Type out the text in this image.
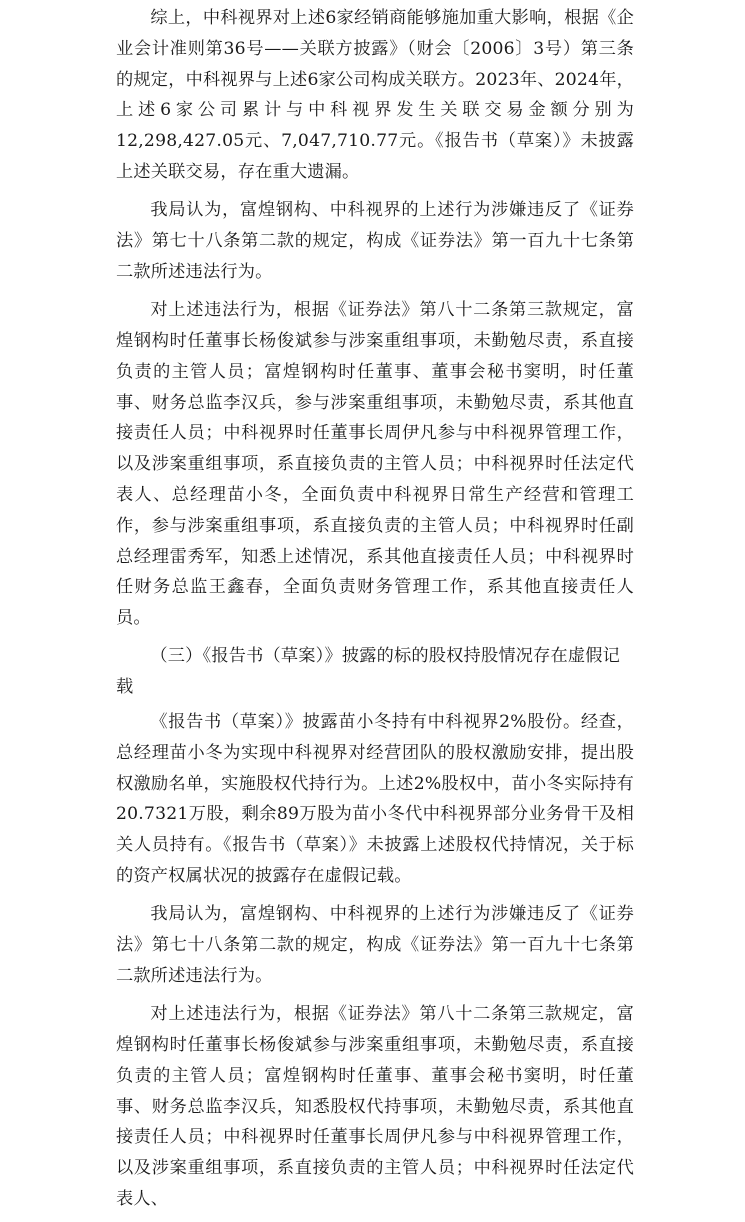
综上，中科视界对上述6家经销商能够施加重大影响，根据《企业会计准则第36号——关联方披露》（财会〔2006〕3号）第三条的规定，中科视界与上述6家公司构成关联方。2023年、2024年，上述6家公司累计与中科视界发生关联交易金额分别为12,298,427.05元、7,047,710.77元。《报告书（草案）》未披露上述关联交易，存在重大遗漏。

我局认为，富煌钢构、中科视界的上述行为涉嫌违反了《证券法》第七十八条第二款的规定，构成《证券法》第一百九十七条第二款所述违法行为。

对上述违法行为，根据《证券法》第八十二条第三款规定，富煌钢构时任董事长杨俊斌参与涉案重组事项，未勤勉尽责，系直接负责的主管人员；富煌钢构时任董事、董事会秘书窦明，时任董事、财务总监李汉兵，参与涉案重组事项，未勤勉尽责，系其他直接责任人员；中科视界时任董事长周伊凡参与中科视界管理工作，以及涉案重组事项，系直接负责的主管人员；中科视界时任法定代表人、总经理苗小冬，全面负责中科视界日常生产经营和管理工作，参与涉案重组事项，系直接负责的主管人员；中科视界时任副总经理雷秀军，知悉上述情况，系其他直接责任人员；中科视界时任财务总监王鑫春，全面负责财务管理工作，系其他直接责任人员。

（三）《报告书（草案）》披露的标的股权持股情况存在虚假记载

《报告书（草案）》披露苗小冬持有中科视界2%股份。经查，总经理苗小冬为实现中科视界对经营团队的股权激励安排，提出股权激励名单，实施股权代持行为。上述2%股权中，苗小冬实际持有20.7321万股，剩余89万股为苗小冬代中科视界部分业务骨干及相关人员持有。《报告书（草案）》未披露上述股权代持情况，关于标的资产权属状况的披露存在虚假记载。

我局认为，富煌钢构、中科视界的上述行为涉嫌违反了《证券法》第七十八条第二款的规定，构成《证券法》第一百九十七条第二款所述违法行为。

对上述违法行为，根据《证券法》第八十二条第三款规定，富煌钢构时任董事长杨俊斌参与涉案重组事项，未勤勉尽责，系直接负责的主管人员；富煌钢构时任董事、董事会秘书窦明，时任董事、财务总监李汉兵，知悉股权代持事项，未勤勉尽责，系其他直接责任人员；中科视界时任董事长周伊凡参与中科视界管理工作，以及涉案重组事项，系直接负责的主管人员；中科视界时任法定代表人、
